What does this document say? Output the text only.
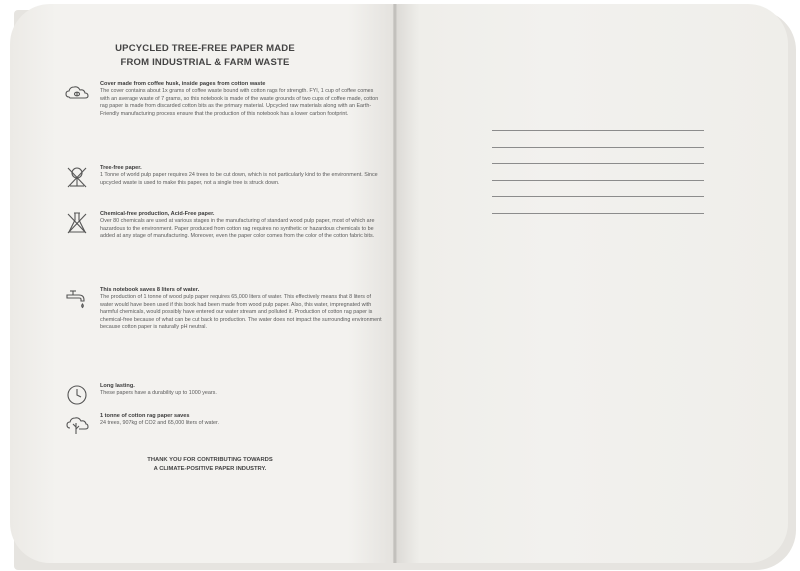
UPCYCLED TREE-FREE PAPER MADE
FROM INDUSTRIAL & FARM WASTE
Cover made from coffee husk, inside pages from cotton waste

The cover contains about 1x grams of coffee waste bound with cotton rags for strength. FYI, 1 cup of coffee comes with an average waste of 7 grams, so this notebook is made of the waste grounds of two cups of coffee made, cotton rag paper is made from discarded cotton bits as the primary material. Upcycled raw materials along with an Earth-Friendly manufacturing process ensure that the production of this notebook has a lower carbon footprint.

Tree-free paper.

1 Tonne of world pulp paper requires 24 trees to be cut down, which is not particularly kind to the environment. Since upcycled waste is used to make this paper, not a single tree is struck down.

Chemical-free production, Acid-Free paper.

Over 80 chemicals are used at various stages in the manufacturing of standard wood pulp paper, most of which are hazardous to the environment. Paper produced from cotton rag requires no synthetic or hazardous chemicals to be added at any stage of manufacturing. Moreover, even the paper color comes from the color of the cotton fabric bits.

This notebook saves 8 liters of water.

The production of 1 tonne of wood pulp paper requires 65,000 liters of water. This effectively means that 8 liters of water would have been used if this book had been made from wood pulp paper. Also, this water, impregnated with harmful chemicals, would possibly have entered our water stream and polluted it. Production of cotton rag paper is chemical-free because of what can be cut back to production. The water does not impact the surrounding environment because cotton paper is naturally pH neutral.

Long lasting.

These papers have a durability up to 1000 years.

1 tonne of cotton rag paper saves

24 trees, 907kg of CO2 and 65,000 liters of water.

THANK YOU FOR CONTRIBUTING TOWARDS
A CLIMATE-POSITIVE PAPER INDUSTRY.
